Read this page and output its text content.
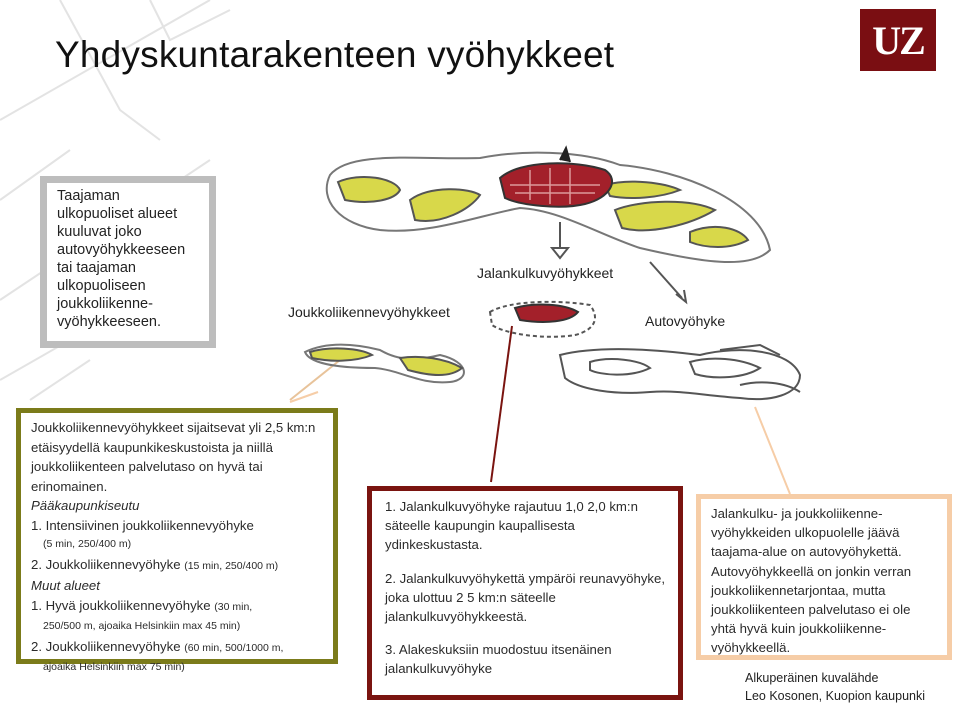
Yhdyskuntarakenteen vyöhykkeet	UZ
Joukkoliikennevyöhykkeet
Jalankulkuvyöhykkeet
Autovyöhyke

Taajaman ulkopuoliset alueet kuuluvat joko autovyöhykkeeseen tai taajaman ulkopuoliseen joukkoliikenne-vyöhykkeeseen.

Joukkoliikennevyöhykkeet sijaitsevat yli 2,5 km:n etäisyydellä kaupunkikeskustoista ja niillä joukkoliikenteen palvelutaso on hyvä tai erinomainen.

Pääkaupunkiseutu

1. Intensiivinen joukkoliikennevyöhyke

(5 min, 250/400 m)

2. Joukkoliikennevyöhyke (15 min, 250/400 m)

Muut alueet

1. Hyvä joukkoliikennevyöhyke (30 min,

250/500 m, ajoaika Helsinkiin max 45 min)

2. Joukkoliikennevyöhyke (60 min, 500/1000 m,

ajoaika Helsinkiin max 75 min)

1. Jalankulkuvyöhyke rajautuu 1,0 2,0 km:n säteelle kaupungin kaupallisesta ydinkeskustasta.

2. Jalankulkuvyöhykettä ympäröi reunavyöhyke, joka ulottuu 2 5 km:n säteelle jalankulkuvyöhykkeestä.

3. Alakeskuksiin muodostuu itsenäinen jalankulkuvyöhyke

Jalankulku- ja joukkoliikenne-vyöhykkeiden ulkopuolelle jäävä taajama-alue on autovyöhykettä. Autovyöhykkeellä on jonkin verran joukkoliikennetarjontaa, mutta joukkoliikenteen palvelutaso ei ole yhtä hyvä kuin joukkoliikenne-vyöhykkeellä.

Alkuperäinen kuvalähde
Leo Kosonen, Kuopion kaupunki
